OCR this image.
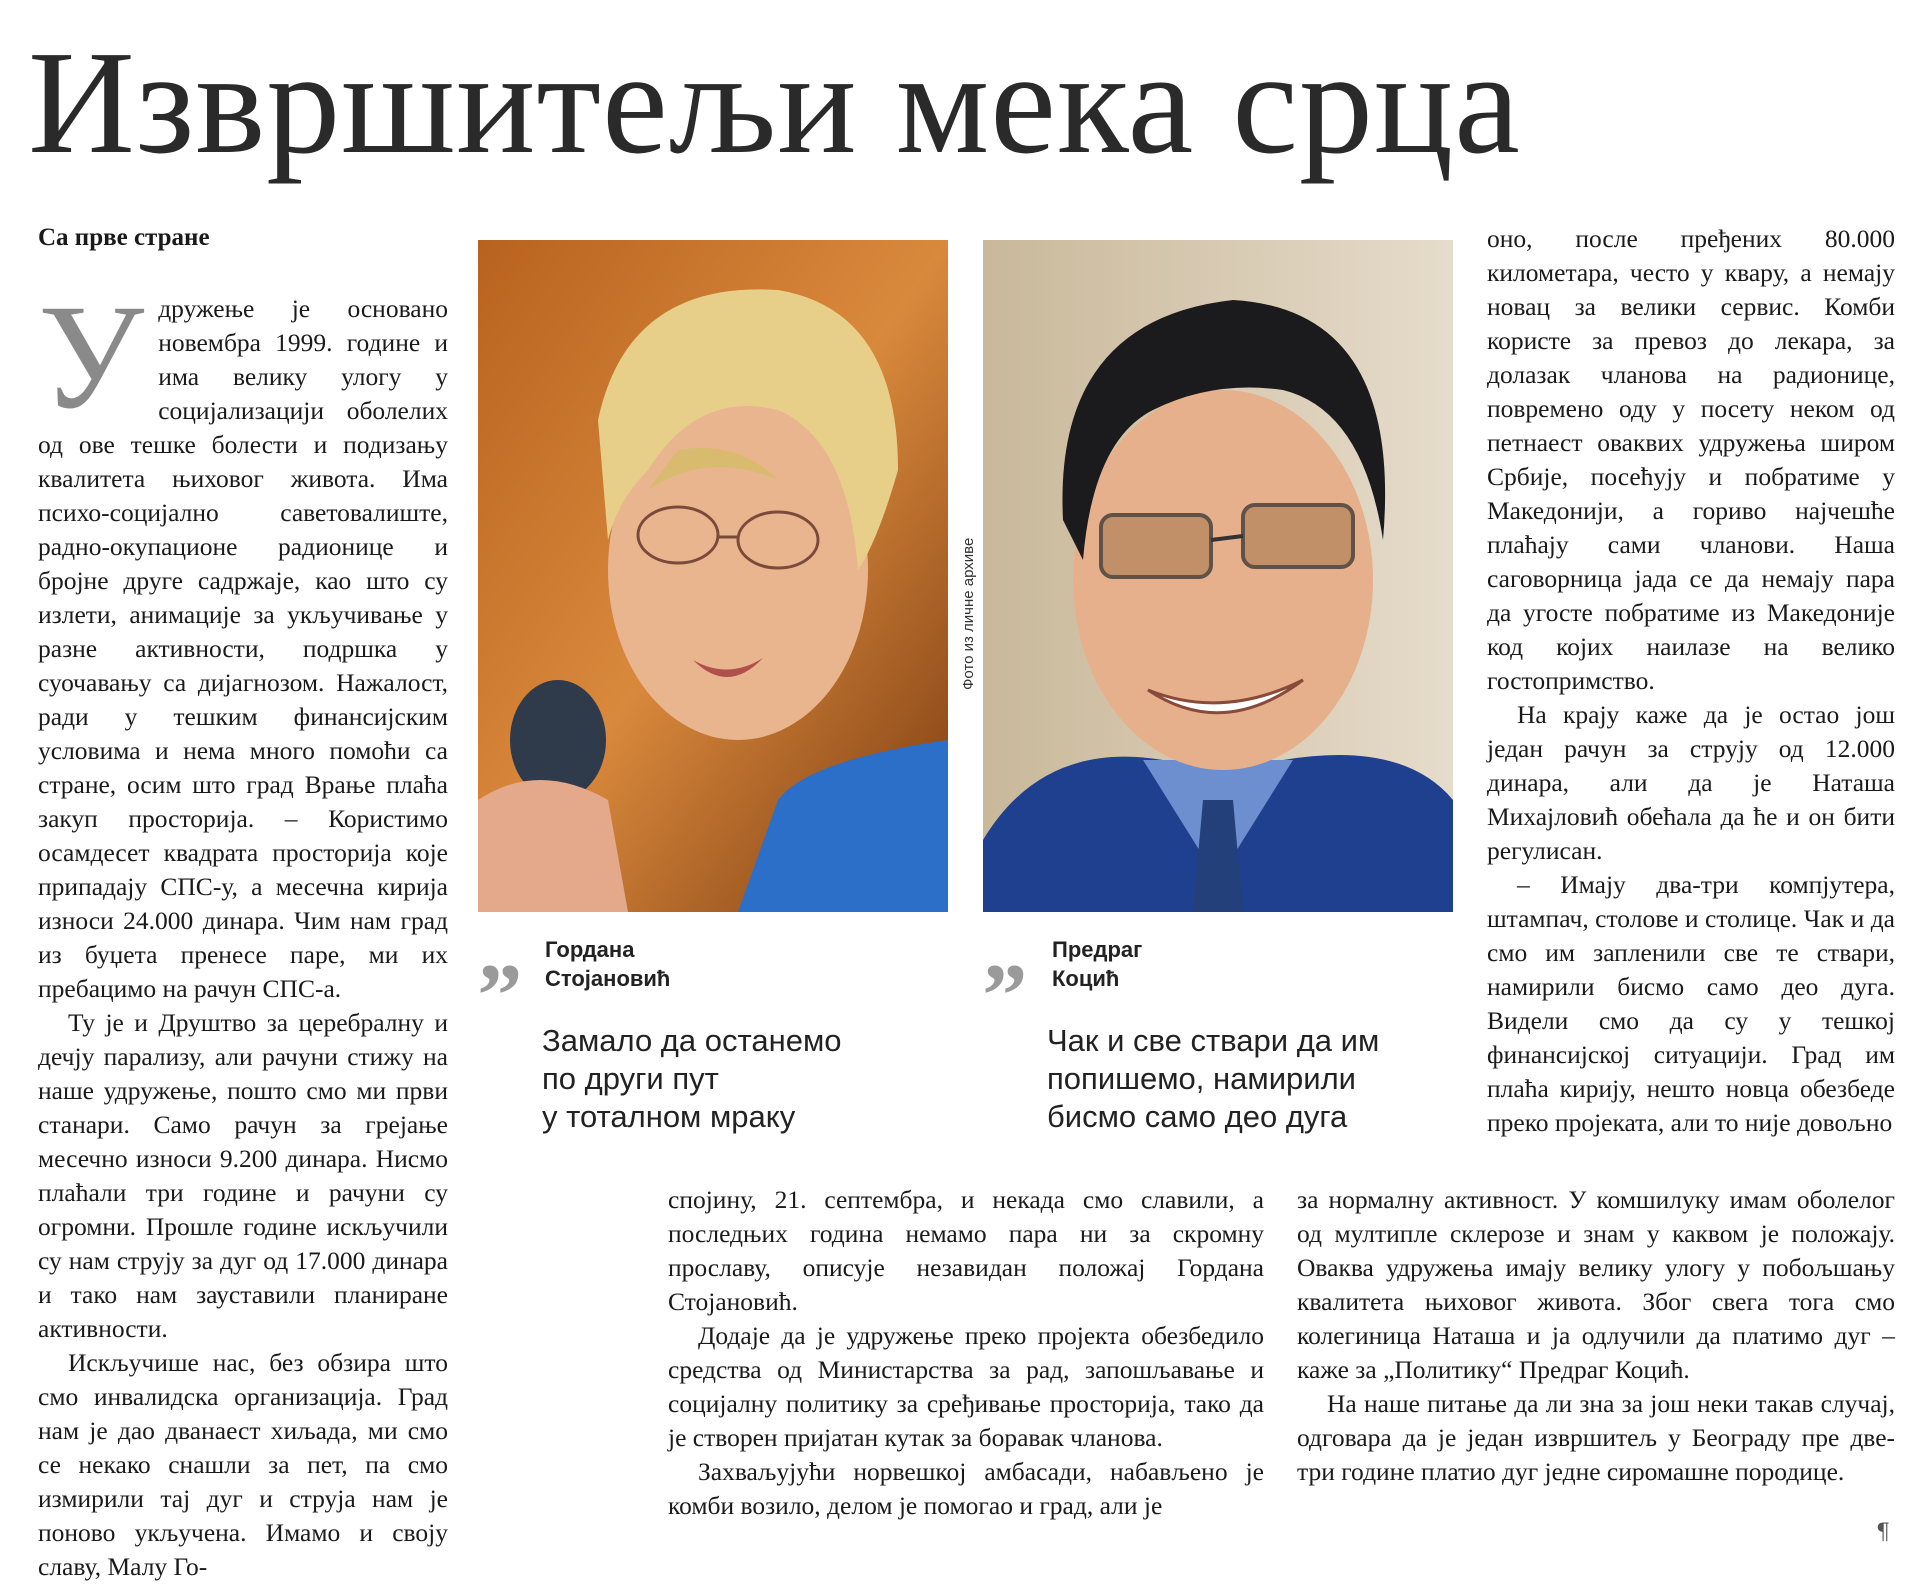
Извршитељи мека срца
Са прве стране

Удружење је основано новембра 1999. године и има велику улогу у социјализацији оболелих од ове тешке болести и подизању квалитета њиховог живота. Има психо-социјално саветовалиште, радно-окупационе радионице и бројне друге садржаје, као што су излети, анимације за укључивање у разне активности, подршка у суочавању са дијагнозом. Нажалост, ради у тешким финансијским условима и нема много помоћи са стране, осим што град Врање плаћа закуп просторија. – Користимо осамдесет квадрата просторија које припадају СПС-у, а месечна кирија износи 24.000 динара. Чим нам град из буџета пренесе паре, ми их пребацимо на рачун СПС-а.

Ту је и Друштво за церебралну и дечју парализу, али рачуни стижу на наше удружење, пошто смо ми први станари. Само рачун за грејање месечно износи 9.200 динара. Нисмо плаћали три године и рачуни су огромни. Прошле године искључили су нам струју за дуг од 17.000 динара и тако нам зауставили планиране активности.

Искључише нас, без обзира што смо инвалидска организација. Град нам је дао дванаест хиљада, ми смо се некако снашли за пет, па смо измирили тај дуг и струја нам је поново укључена. Имамо и своју славу, Малу Го-

Фото из личне архиве
„ Гордана
Стојановић
Замало да останемо
по други пут
у тоталном мраку
„ Предраг
Коцић
Чак и све ствари да им
попишемо, намирили
бисмо само део дуга

спојину, 21. септембра, и некада смо славили, а последњих година немамо пара ни за скромну прославу, описује незавидан положај Гордана Стојановић.

Додаје да је удружење преко пројекта обезбедило средства од Министарства за рад, запошљавање и социјалну политику за сређивање просторија, тако да је створен пријатан кутак за боравак чланова.

Захваљујући норвешкој амбасади, набављено је комби возило, делом је помогао и град, али је

оно, после пређених 80.000 километара, често у квару, а немају новац за велики сервис. Комби користе за превоз до лекара, за долазак чланова на радионице, повремено оду у посету неком од петнаест оваквих удружења широм Србије, посећују и побратиме у Македонији, а гориво најчешће плаћају сами чланови. Наша саговорница јада се да немају пара да угосте побратиме из Македоније код којих наилазе на велико гостопримство.

На крају каже да је остао још један рачун за струју од 12.000 динара, али да је Наташа Михајловић обећала да ће и он бити регулисан.

– Имају два-три компјутера, штампач, столове и столице. Чак и да смо им запленили све те ствари, намирили бисмо само део дуга. Видели смо да су у тешкој финансијској ситуацији. Град им плаћа кирију, нешто новца обезбеде преко пројеката, али то није довољно

за нормалну активност. У комшилуку имам оболелог од мултипле склерозе и знам у каквом је положају. Оваква удружења имају велику улогу у побољшању квалитета њиховог живота. Због свега тога смо колегиница Наташа и ја одлучили да платимо дуг – каже за „Политику“ Предраг Коцић.

На наше питање да ли зна за још неки такав случај, одговара да је један извршитељ у Београду пре две-три године платио дуг једне сиромашне породице.

¶
